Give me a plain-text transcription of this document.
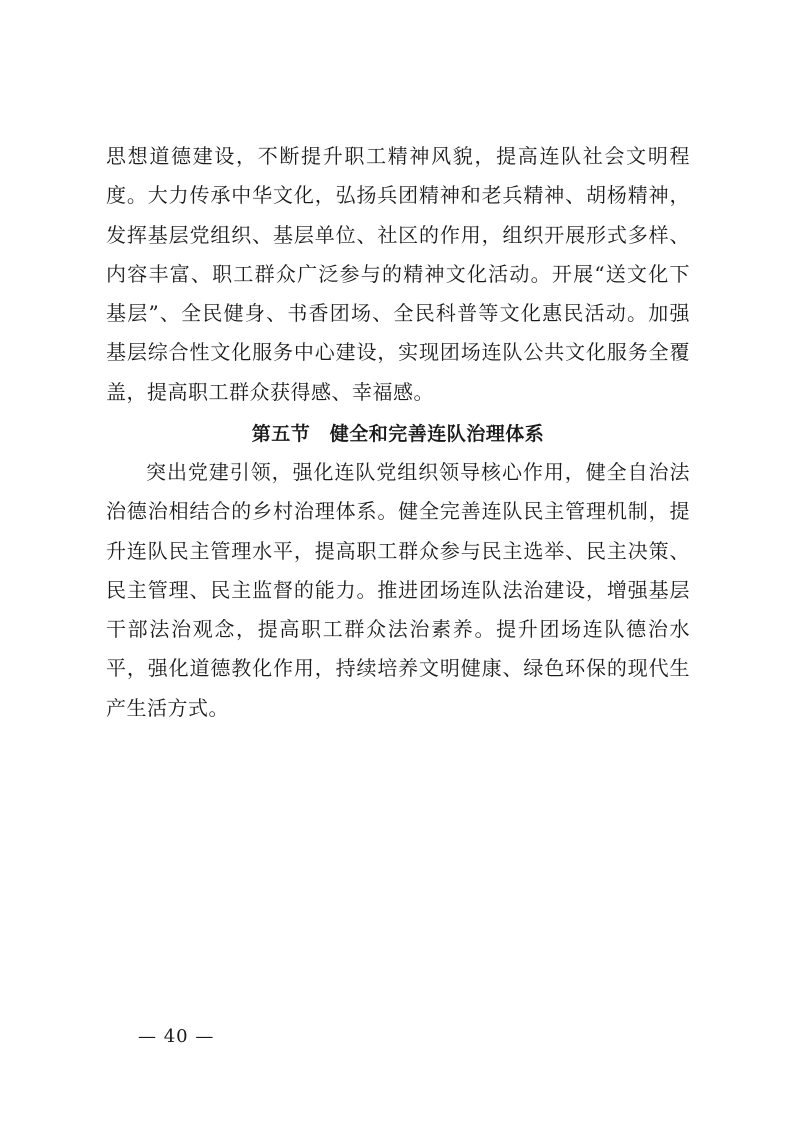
思想道德建设，不断提升职工精神风貌，提高连队社会文明程度。大力传承中华文化，弘扬兵团精神和老兵精神、胡杨精神，发挥基层党组织、基层单位、社区的作用，组织开展形式多样、内容丰富、职工群众广泛参与的精神文化活动。开展“送文化下基层”、全民健身、书香团场、全民科普等文化惠民活动。加强基层综合性文化服务中心建设，实现团场连队公共文化服务全覆盖，提高职工群众获得感、幸福感。

第五节　健全和完善连队治理体系

突出党建引领，强化连队党组织领导核心作用，健全自治法治德治相结合的乡村治理体系。健全完善连队民主管理机制，提升连队民主管理水平，提高职工群众参与民主选举、民主决策、民主管理、民主监督的能力。推进团场连队法治建设，增强基层干部法治观念，提高职工群众法治素养。提升团场连队德治水平，强化道德教化作用，持续培养文明健康、绿色环保的现代生产生活方式。

— 40 —
